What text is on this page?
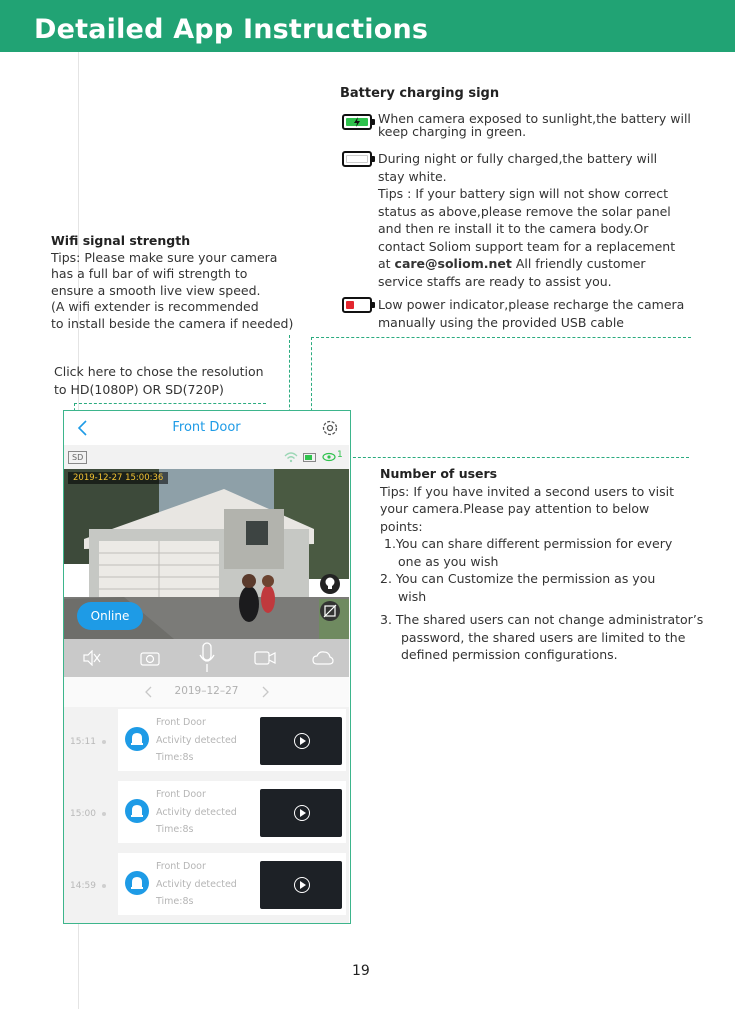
Detailed App Instructions
Battery charging sign
When camera exposed to sunlight,the battery will
keep charging in green.
During night or fully charged,the battery will
stay white.
Tips : If your battery sign will not show correct
status as above,please remove the solar panel
and then re install it to the camera body.Or
contact Soliom support team for a replacement
at care@soliom.net All friendly customer
service staffs are ready to assist you.
Low power indicator,please recharge the camera
manually using the provided USB cable
Wifi signal strength
Tips: Please make sure your camera
has a full bar of wifi strength to
ensure a smooth live view speed.
(A wifi extender is recommended
to install beside the camera if needed)
Click here to chose the resolution
to HD(1080P) OR SD(720P)
Number of users
Tips: If you have invited a second users to visit
your camera.Please pay attention to below
points:
1.You can share different permission for every
one as you wish
2. You can Customize the permission as you
wish
3. The shared users can not change administrator’s
password, the shared users are limited to the
defined permission configurations.
Front Door
SD	1
2019-12-27 15:00:36
Online
2019–12–27
15:11
Front Door
Activity detected
Time:8s
15:00
Front Door
Activity detected
Time:8s
14:59
Front Door
Activity detected
Time:8s
19
